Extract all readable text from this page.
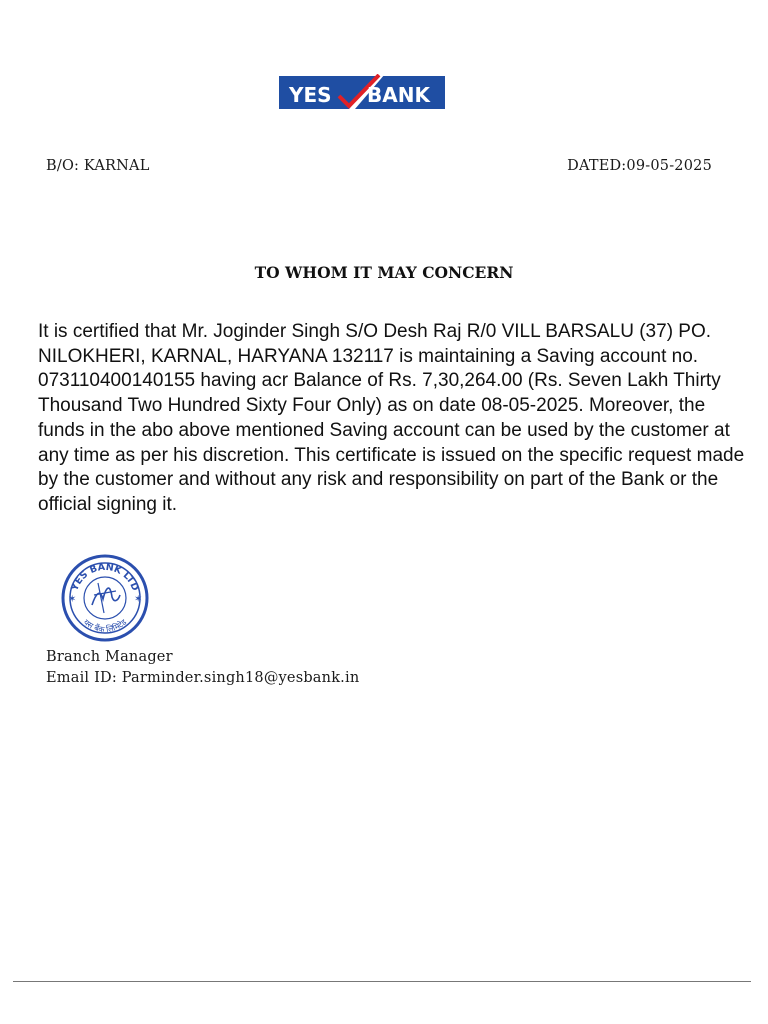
YES BANK
B/O: KARNAL	DATED:09-05-2025
TO WHOM IT MAY CONCERN
It is certified that Mr. Joginder Singh S/O Desh Raj R/0 VILL BARSALU (37) PO. NILOKHERI, KARNAL, HARYANA 132117 is maintaining a Saving account no. 073110400140155 having acr Balance of Rs. 7,30,264.00 (Rs. Seven Lakh Thirty Thousand Two Hundred Sixty Four Only) as on date 08-05-2025. Moreover, the funds in the abo above mentioned Saving account can be used by the customer at any time as per his discretion. This certificate is issued on the specific request made by the customer and without any risk and responsibility on part of the Bank or the official signing it.
YES BANK LTD
यस बैंक लिमिटेड
✶	✶
Branch Manager
Email ID: Parminder.singh18@yesbank.in
